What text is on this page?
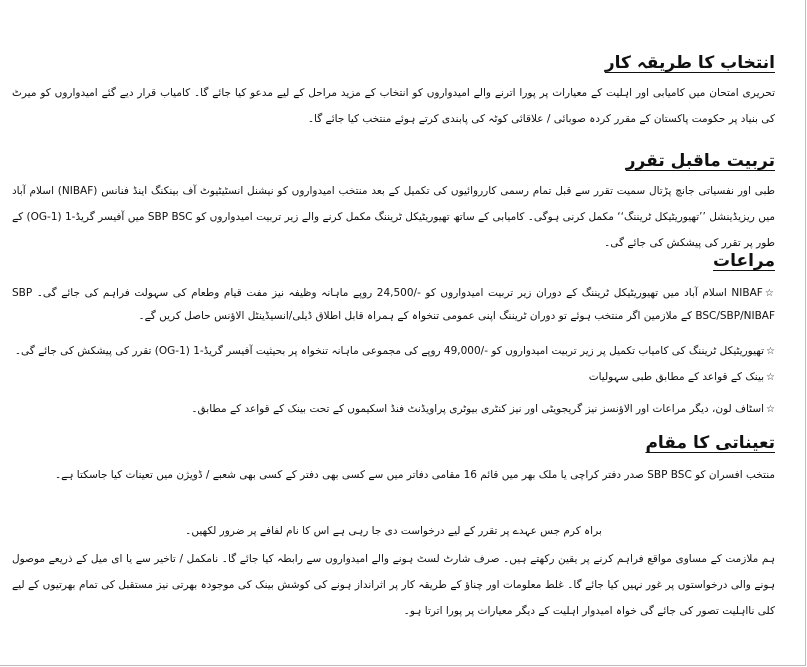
انتخاب کا طریقہ کار
تحریری امتحان میں کامیابی اور اہلیت کے معیارات پر پورا اترنے والے امیدواروں کو انتخاب کے مزید مراحل کے لیے مدعو کیا جائے گا۔ کامیاب قرار دیے گئے امیدواروں کو میرٹ کی بنیاد پر حکومت پاکستان کے مقرر کردہ صوبائی / علاقائی کوٹہ کی پابندی کرتے ہوئے منتخب کیا جائے گا۔
تربیت ماقبل تقرر
طبی اور نفسیاتی جانچ پڑتال سمیت تقرر سے قبل تمام رسمی کارروائیوں کی تکمیل کے بعد منتخب امیدواروں کو نیشنل انسٹیٹیوٹ آف بینکنگ اینڈ فنانس (NIBAF) اسلام آباد میں ریزیڈینشل ’’تھیوریٹیکل ٹریننگ‘‘ مکمل کرنی ہوگی۔ کامیابی کے ساتھ تھیوریٹیکل ٹریننگ مکمل کرنے والے زیر تربیت امیدواروں کو SBP BSC میں آفیسر گریڈ-1 (OG-1) کے طور پر تقرر کی پیشکش کی جائے گی۔
مراعات
☆NIBAF اسلام آباد میں تھیوریٹیکل ٹریننگ کے دوران زیر تربیت امیدواروں کو -/24,500 روپے ماہانہ وظیفہ نیز مفت قیام وطعام کی سہولت فراہم کی جائے گی۔ SBP BSC/SBP/NIBAF کے ملازمین اگر منتخب ہوئے تو دوران ٹریننگ اپنی عمومی تنخواہ کے ہمراہ قابل اطلاق ڈیلی/انسیڈینٹل الاؤنس حاصل کریں گے۔
☆تھیوریٹیکل ٹریننگ کی کامیاب تکمیل پر زیر تربیت امیدواروں کو -/49,000 روپے کی مجموعی ماہانہ تنخواہ پر بحیثیت آفیسر گریڈ-1 (OG-1) تقرر کی پیشکش کی جائے گی۔
☆بینک کے قواعد کے مطابق طبی سہولیات
☆اسٹاف لون، دیگر مراعات اور الاؤنسز نیز گریجویٹی اور نیز کنٹری بیوٹری پراویڈنٹ فنڈ اسکیموں کے تحت بینک کے قواعد کے مطابق۔
تعیناتی کا مقام
منتخب افسران کو SBP BSC صدر دفتر کراچی یا ملک بھر میں قائم 16 مقامی دفاتر میں سے کسی بھی دفتر کے کسی بھی شعبے / ڈویژن میں تعینات کیا جاسکتا ہے۔
براہ کرم جس عہدے پر تقرر کے لیے درخواست دی جا رہی ہے اس کا نام لفافے پر ضرور لکھیں۔
ہم ملازمت کے مساوی مواقع فراہم کرنے پر یقین رکھتے ہیں۔ صرف شارٹ لسٹ ہونے والے امیدواروں سے رابطہ کیا جائے گا۔ نامکمل / تاخیر سے یا ای میل کے ذریعے موصول ہونے والی درخواستوں پر غور نہیں کیا جائے گا۔ غلط معلومات اور چناؤ کے طریقہ کار پر اثرانداز ہونے کی کوشش بینک کی موجودہ بھرتی نیز مستقبل کی تمام بھرتیوں کے لیے کلی نااہلیت تصور کی جائے گی خواہ امیدوار اہلیت کے دیگر معیارات پر پورا اترتا ہو۔
